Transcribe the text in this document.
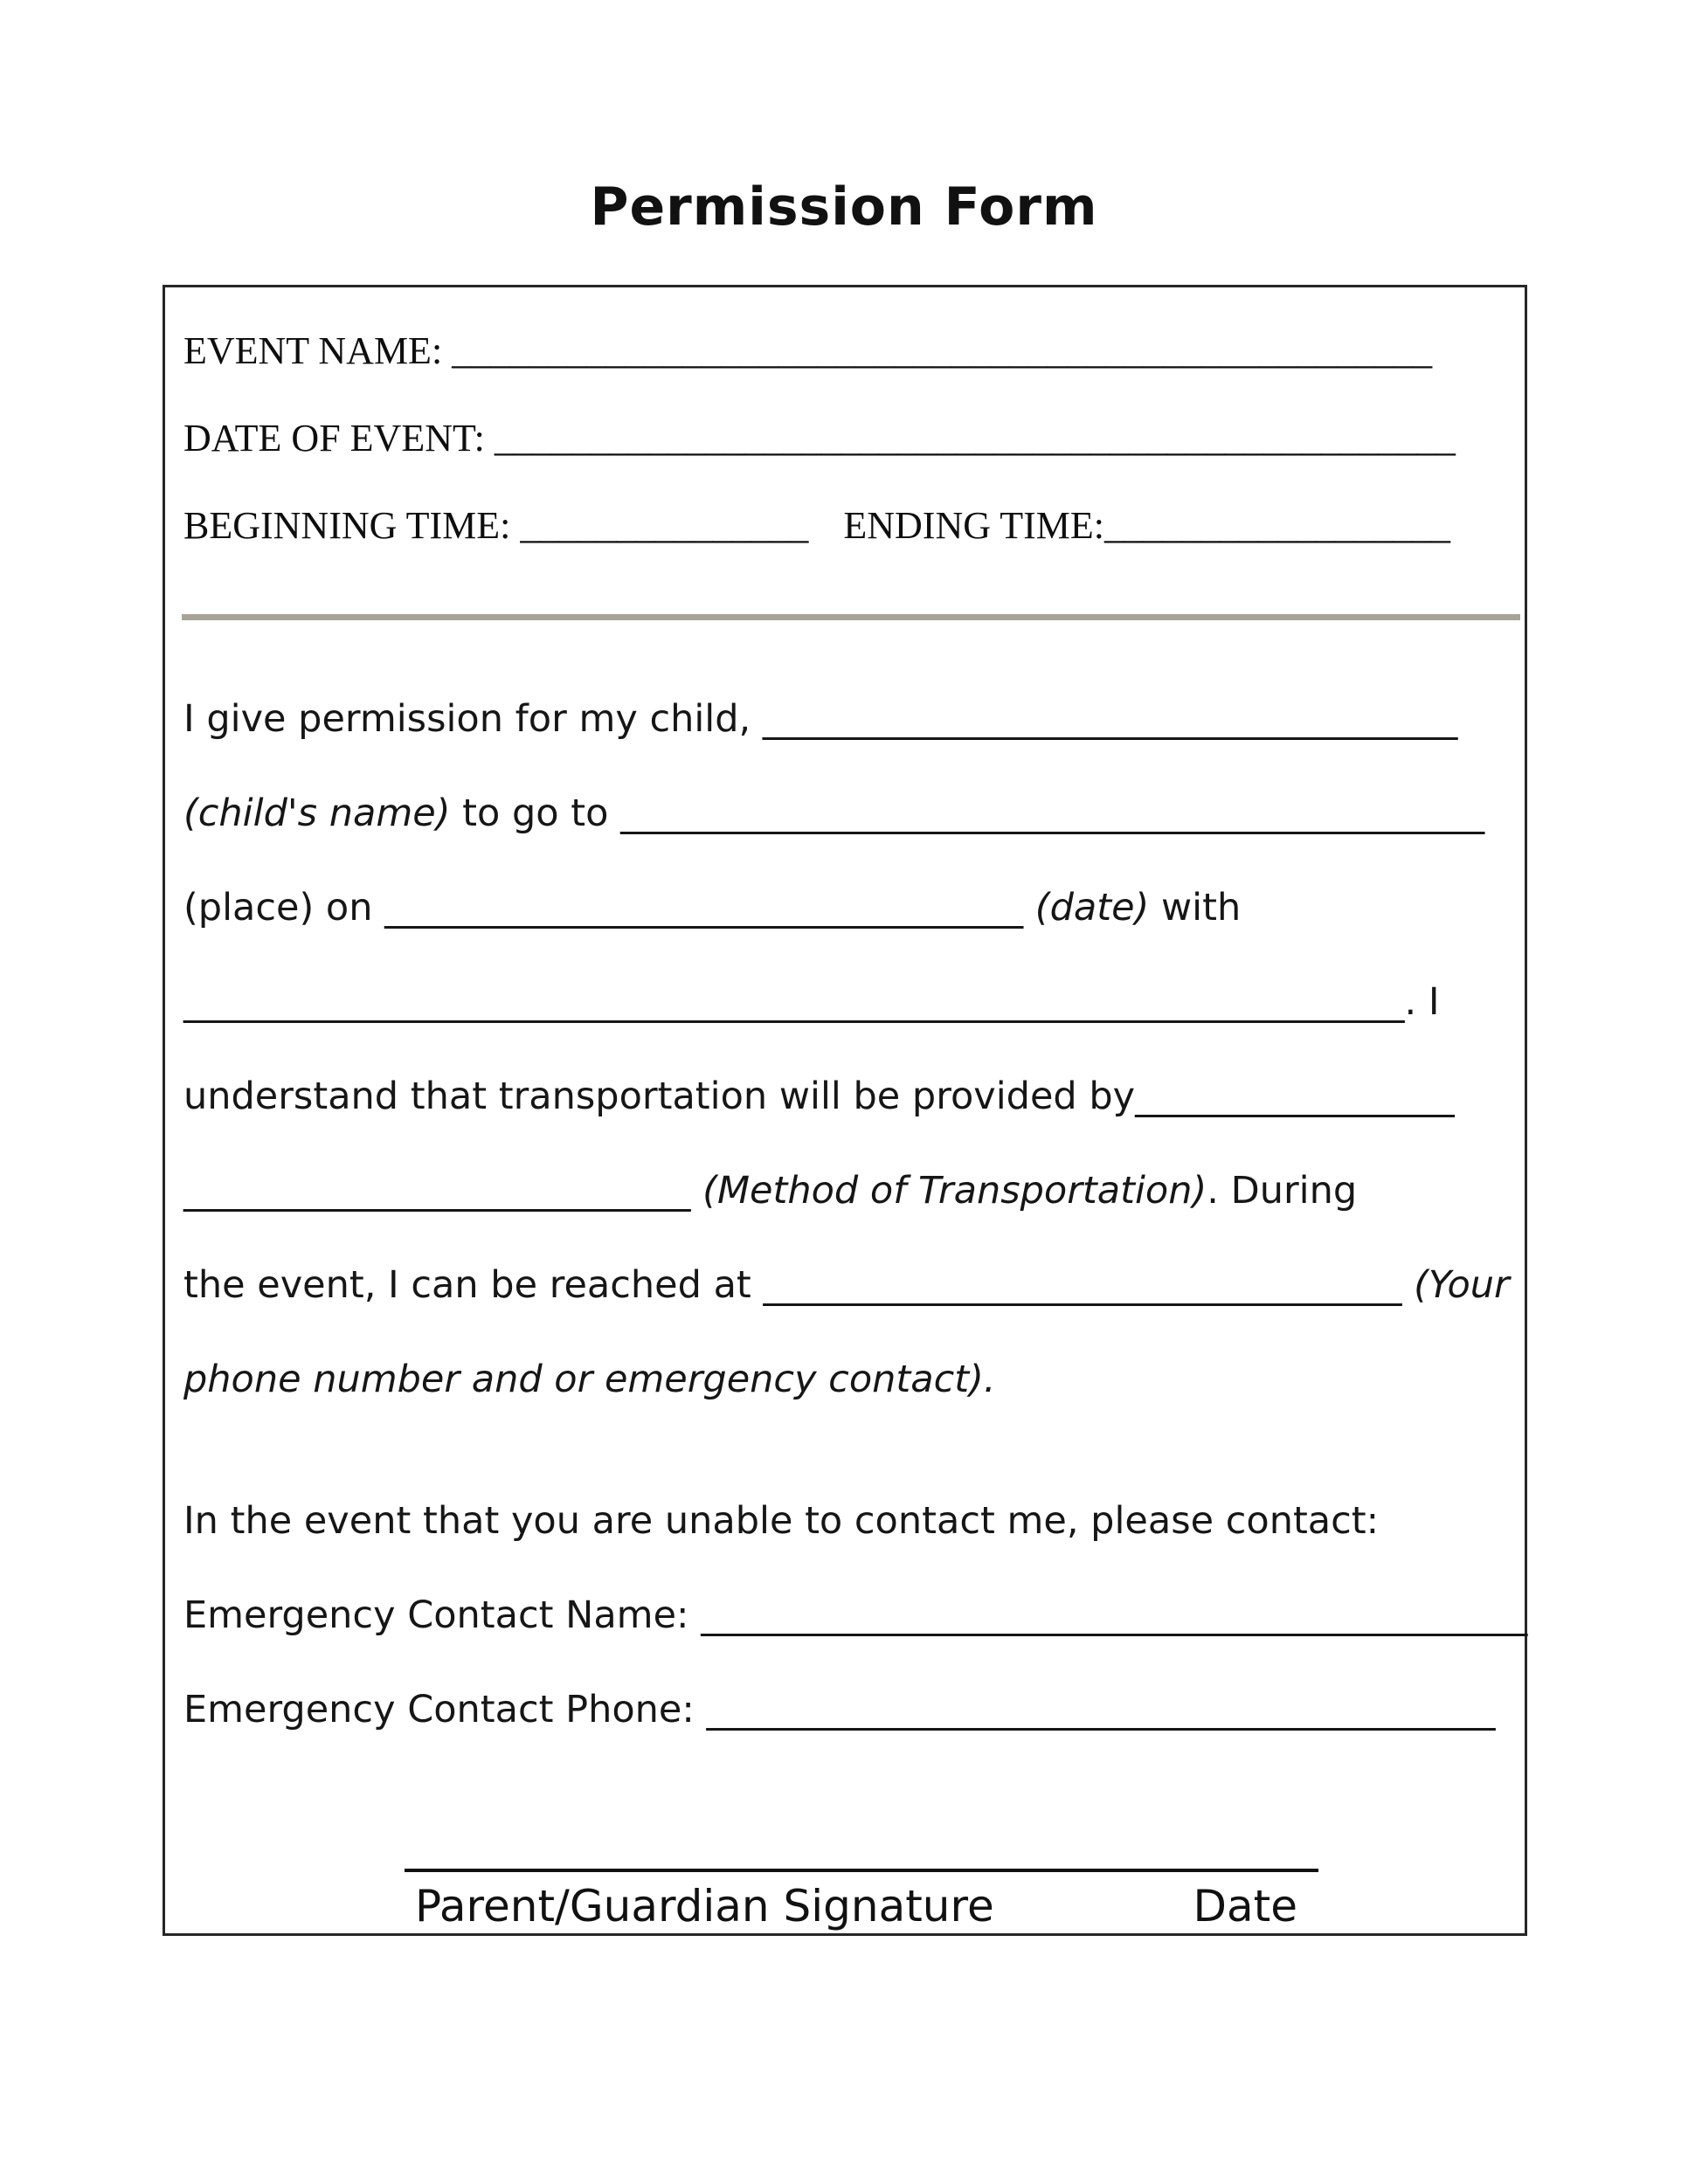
Permission Form
EVENT NAME: ___________________________________________________
DATE OF EVENT: __________________________________________________
BEGINNING TIME: _______________ ENDING TIME:__________________
I give permission for my child, _____________________________________
(child's name) to go to ______________________________________________
(place) on __________________________________ (date) with
_________________________________________________________________. I
understand that transportation will be provided by_________________
___________________________ (Method of Transportation). During
the event, I can be reached at __________________________________ (Your
phone number and or emergency contact).
In the event that you are unable to contact me, please contact:
Emergency Contact Name: ____________________________________________
Emergency Contact Phone: __________________________________________
Parent/Guardian Signature	Date
